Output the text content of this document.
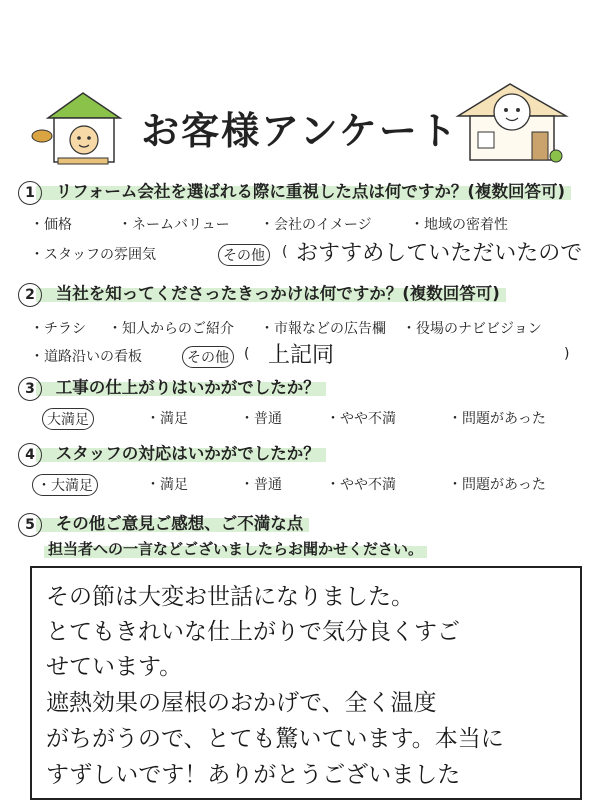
お客様アンケート
1 リフォーム会社を選ばれる際に重視した点は何ですか？(複数回答可)
・価格	・ネームバリュー ・会社のイメージ	・地域の密着性
・スタッフの雰囲気	その他	( おすすめしていただいたので
2 当社を知ってくださったきっかけは何ですか？(複数回答可)
・チラシ ・知人からのご紹介 ・市報などの広告欄 ・役場のナビビジョン
・道路沿いの看板	その他	(	)
上記同
3 工事の仕上がりはいかがでしたか？
大満足	・満足	・普通	・やや不満	・問題があった
4 スタッフの対応はいかがでしたか？
・大満足	・満足	・普通	・やや不満	・問題があった
5 その他ご意見ご感想、ご不満な点
担当者への一言などございましたらお聞かせください。
その節は大変お世話になりました。
とてもきれいな仕上がりで気分良くすご
せています。
遮熱効果の屋根のおかげで、全く温度
がちがうので、とても驚いています。本当に
すずしいです！ありがとうございました
